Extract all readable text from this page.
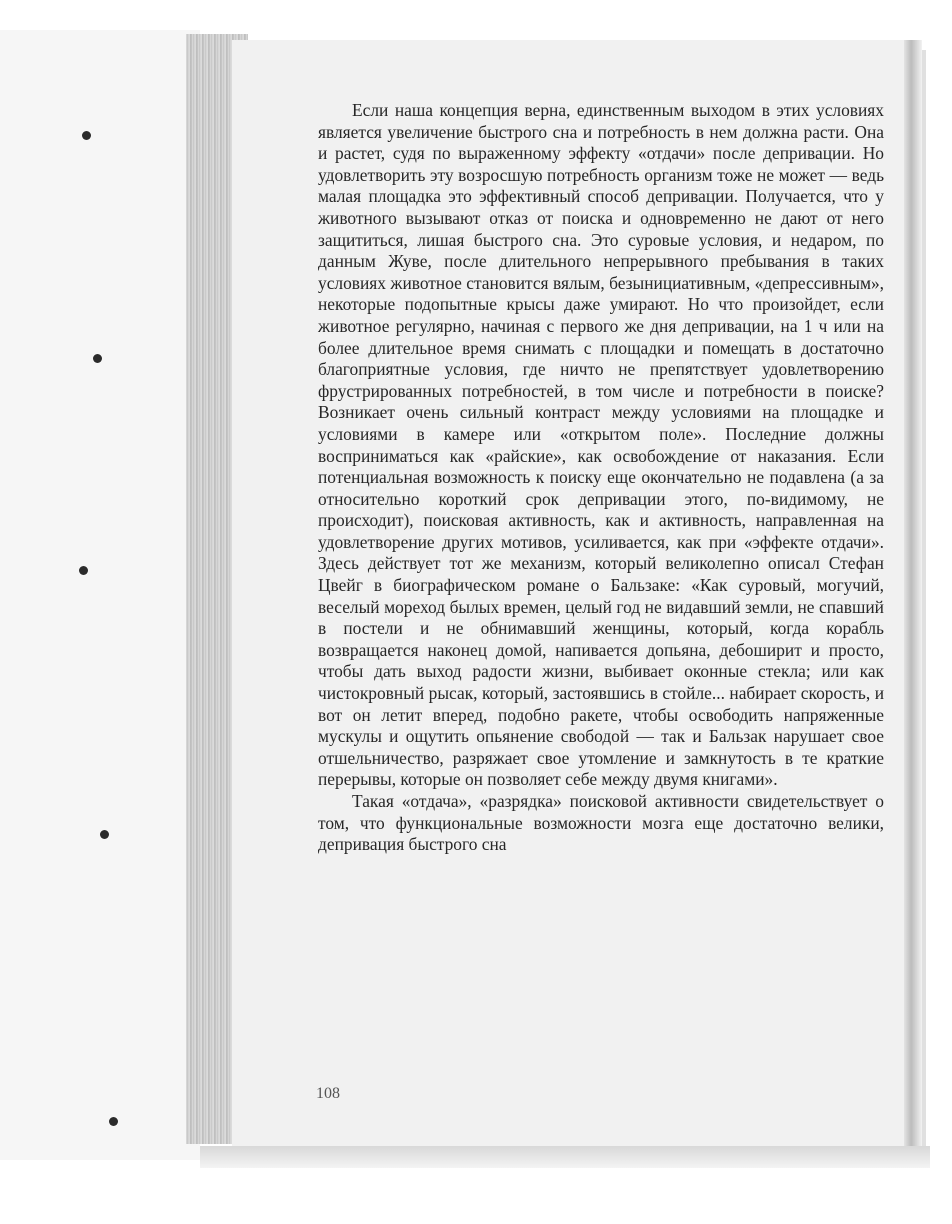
Если наша концепция верна, единственным выходом в этих условиях является увеличение быстрого сна и потребность в нем должна расти. Она и растет, судя по выраженному эффекту «отдачи» после депривации. Но удовлетворить эту возросшую потребность организм тоже не может — ведь малая площадка это эффективный способ депривации. Получается, что у животного вызывают отказ от поиска и одновременно не дают от него защититься, лишая быстрого сна. Это суровые условия, и недаром, по данным Жуве, после длительного непрерывного пребывания в таких условиях животное становится вялым, безынициативным, «депрессивным», некоторые подопытные крысы даже умирают. Но что произойдет, если животное регулярно, начиная с первого же дня депривации, на 1 ч или на более длительное время снимать с площадки и помещать в достаточно благоприятные условия, где ничто не препятствует удовлетворению фрустрированных потребностей, в том числе и потребности в поиске? Возникает очень сильный контраст между условиями на площадке и условиями в камере или «открытом поле». Последние должны восприниматься как «райские», как освобождение от наказания. Если потенциальная возможность к поиску еще окончательно не подавлена (а за относительно короткий срок депривации этого, по-видимому, не происходит), поисковая активность, как и активность, направленная на удовлетворение других мотивов, усиливается, как при «эффекте отдачи». Здесь действует тот же механизм, который великолепно описал Стефан Цвейг в биографическом романе о Бальзаке: «Как суровый, могучий, веселый мореход былых времен, целый год не видавший земли, не спавший в постели и не обнимавший женщины, который, когда корабль возвращается наконец домой, напивается допьяна, дебоширит и просто, чтобы дать выход радости жизни, выбивает оконные стекла; или как чистокровный рысак, который, застоявшись в стойле... набирает скорость, и вот он летит вперед, подобно ракете, чтобы освободить напряженные мускулы и ощутить опьянение свободой — так и Бальзак нарушает свое отшельничество, разряжает свое утомление и замкнутость в те краткие перерывы, которые он позволяет себе между двумя книгами».

Такая «отдача», «разрядка» поисковой активности свидетельствует о том, что функциональные возможности мозга еще достаточно велики, депривация быстрого сна

108
